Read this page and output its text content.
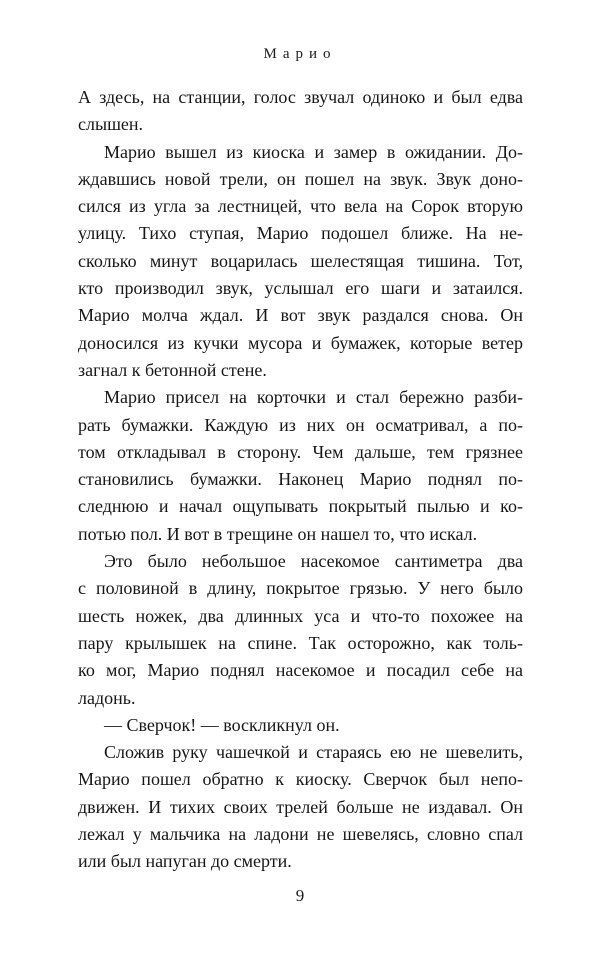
Марио
А здесь, на станции, голос звучал одиноко и был едва
слышен.
Марио вышел из киоска и замер в ожидании. До-
ждавшись новой трели, он пошел на звук. Звук доно-
сился из угла за лестницей, что вела на Сорок вторую
улицу. Тихо ступая, Марио подошел ближе. На не-
сколько минут воцарилась шелестящая тишина. Тот,
кто производил звук, услышал его шаги и затаился.
Марио молча ждал. И вот звук раздался снова. Он
доносился из кучки мусора и бумажек, которые ветер
загнал к бетонной стене.
Марио присел на корточки и стал бережно разби-
рать бумажки. Каждую из них он осматривал, а по-
том откладывал в сторону. Чем дальше, тем грязнее
становились бумажки. Наконец Марио поднял по-
следнюю и начал ощупывать покрытый пылью и ко-
потью пол. И вот в трещине он нашел то, что искал.
Это было небольшое насекомое сантиметра два
с половиной в длину, покрытое грязью. У него было
шесть ножек, два длинных уса и что-то похожее на
пару крылышек на спине. Так осторожно, как толь-
ко мог, Марио поднял насекомое и посадил себе на
ладонь.
— Сверчок! — воскликнул он.
Сложив руку чашечкой и стараясь ею не шевелить,
Марио пошел обратно к киоску. Сверчок был непо-
движен. И тихих своих трелей больше не издавал. Он
лежал у мальчика на ладони не шевелясь, словно спал
или был напуган до смерти.
9
